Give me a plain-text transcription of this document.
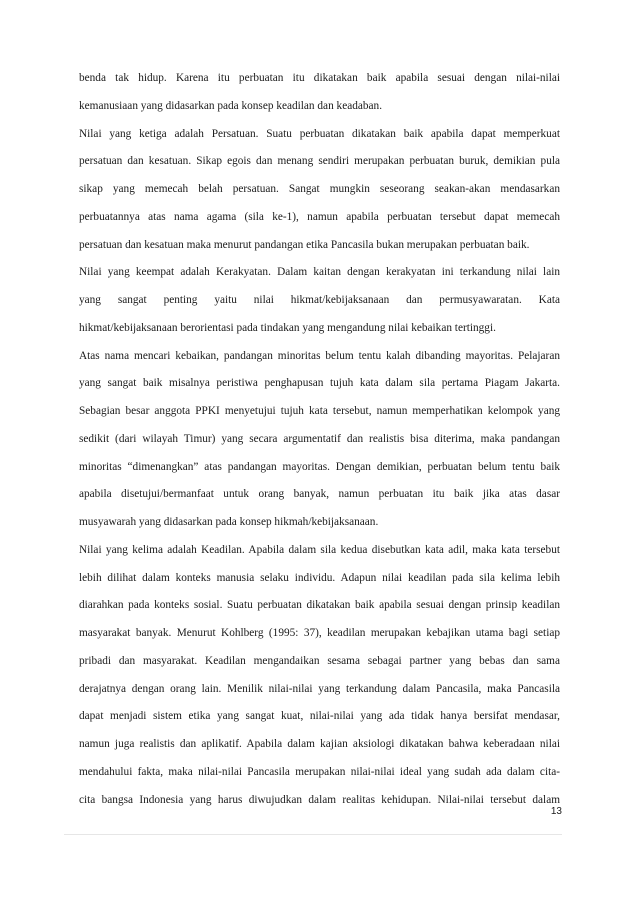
benda tak hidup. Karena itu perbuatan itu dikatakan baik apabila sesuai dengan nilai-nilai
kemanusiaan yang didasarkan pada konsep keadilan dan keadaban.
Nilai yang ketiga adalah Persatuan. Suatu perbuatan dikatakan baik apabila dapat memperkuat
persatuan dan kesatuan. Sikap egois dan menang sendiri merupakan perbuatan buruk, demikian pula
sikap yang memecah belah persatuan. Sangat mungkin seseorang seakan-akan mendasarkan
perbuatannya atas nama agama (sila ke-1), namun apabila perbuatan tersebut dapat memecah
persatuan dan kesatuan maka menurut pandangan etika Pancasila bukan merupakan perbuatan baik.
Nilai yang keempat adalah Kerakyatan. Dalam kaitan dengan kerakyatan ini terkandung nilai lain
yang sangat penting yaitu nilai hikmat/kebijaksanaan dan permusyawaratan. Kata
hikmat/kebijaksanaan berorientasi pada tindakan yang mengandung nilai kebaikan tertinggi.
Atas nama mencari kebaikan, pandangan minoritas belum tentu kalah dibanding mayoritas. Pelajaran
yang sangat baik misalnya peristiwa penghapusan tujuh kata dalam sila pertama Piagam Jakarta.
Sebagian besar anggota PPKI menyetujui tujuh kata tersebut, namun memperhatikan kelompok yang
sedikit (dari wilayah Timur) yang secara argumentatif dan realistis bisa diterima, maka pandangan
minoritas “dimenangkan” atas pandangan mayoritas. Dengan demikian, perbuatan belum tentu baik
apabila disetujui/bermanfaat untuk orang banyak, namun perbuatan itu baik jika atas dasar
musyawarah yang didasarkan pada konsep hikmah/kebijaksanaan.
Nilai yang kelima adalah Keadilan. Apabila dalam sila kedua disebutkan kata adil, maka kata tersebut
lebih dilihat dalam konteks manusia selaku individu. Adapun nilai keadilan pada sila kelima lebih
diarahkan pada konteks sosial. Suatu perbuatan dikatakan baik apabila sesuai dengan prinsip keadilan
masyarakat banyak. Menurut Kohlberg (1995: 37), keadilan merupakan kebajikan utama bagi setiap
pribadi dan masyarakat. Keadilan mengandaikan sesama sebagai partner yang bebas dan sama
derajatnya dengan orang lain. Menilik nilai-nilai yang terkandung dalam Pancasila, maka Pancasila
dapat menjadi sistem etika yang sangat kuat, nilai-nilai yang ada tidak hanya bersifat mendasar,
namun juga realistis dan aplikatif. Apabila dalam kajian aksiologi dikatakan bahwa keberadaan nilai
mendahului fakta, maka nilai-nilai Pancasila merupakan nilai-nilai ideal yang sudah ada dalam cita-
cita bangsa Indonesia yang harus diwujudkan dalam realitas kehidupan. Nilai-nilai tersebut dalam
13
